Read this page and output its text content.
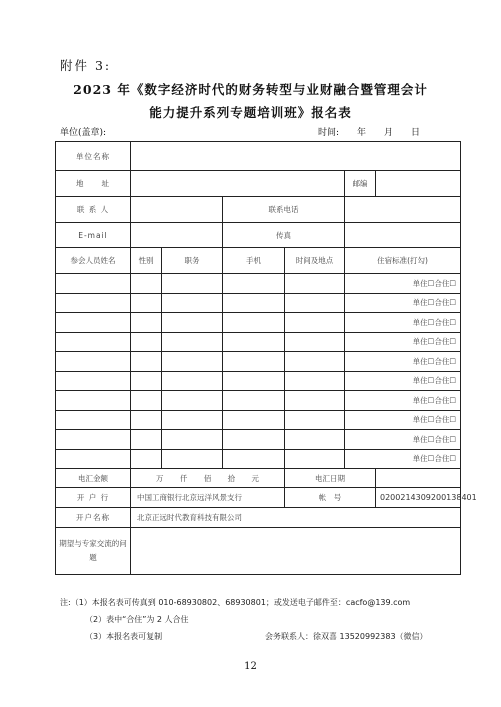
附件 3:
2023 年《数字经济时代的财务转型与业财融合暨管理会计
能力提升系列专题培训班》报名表
单位(盖章):	时间:　　年　　月　　日
单位名称						
地　　址					邮编	
联 系 人			联系电话			
E-mail			传真			
参会人员姓名	性别	职务	手机	时间及地点	住宿标准(打勾)	
					单住☐合住☐	
					单住☐合住☐	
					单住☐合住☐	
					单住☐合住☐	
					单住☐合住☐	
					单住☐合住☐	
					单住☐合住☐	
					单住☐合住☐	
					单住☐合住☐	
					单住☐合住☐	
电汇金额	万 仟 佰 拾 元			电汇日期		
开 户 行	中国工商银行北京远洋风景支行			帐　号		0200214309200138401
开户名称	北京正远时代教育科技有限公司					
期望与专家交流的问题						
注:（1）本报名表可传真到 010-68930802、68930801；或发送电子邮件至：cacfo@139.com
（2）表中“合住”为 2 人合住
（3）本报名表可复制	会务联系人：徐双喜 13520992383（微信）
12
